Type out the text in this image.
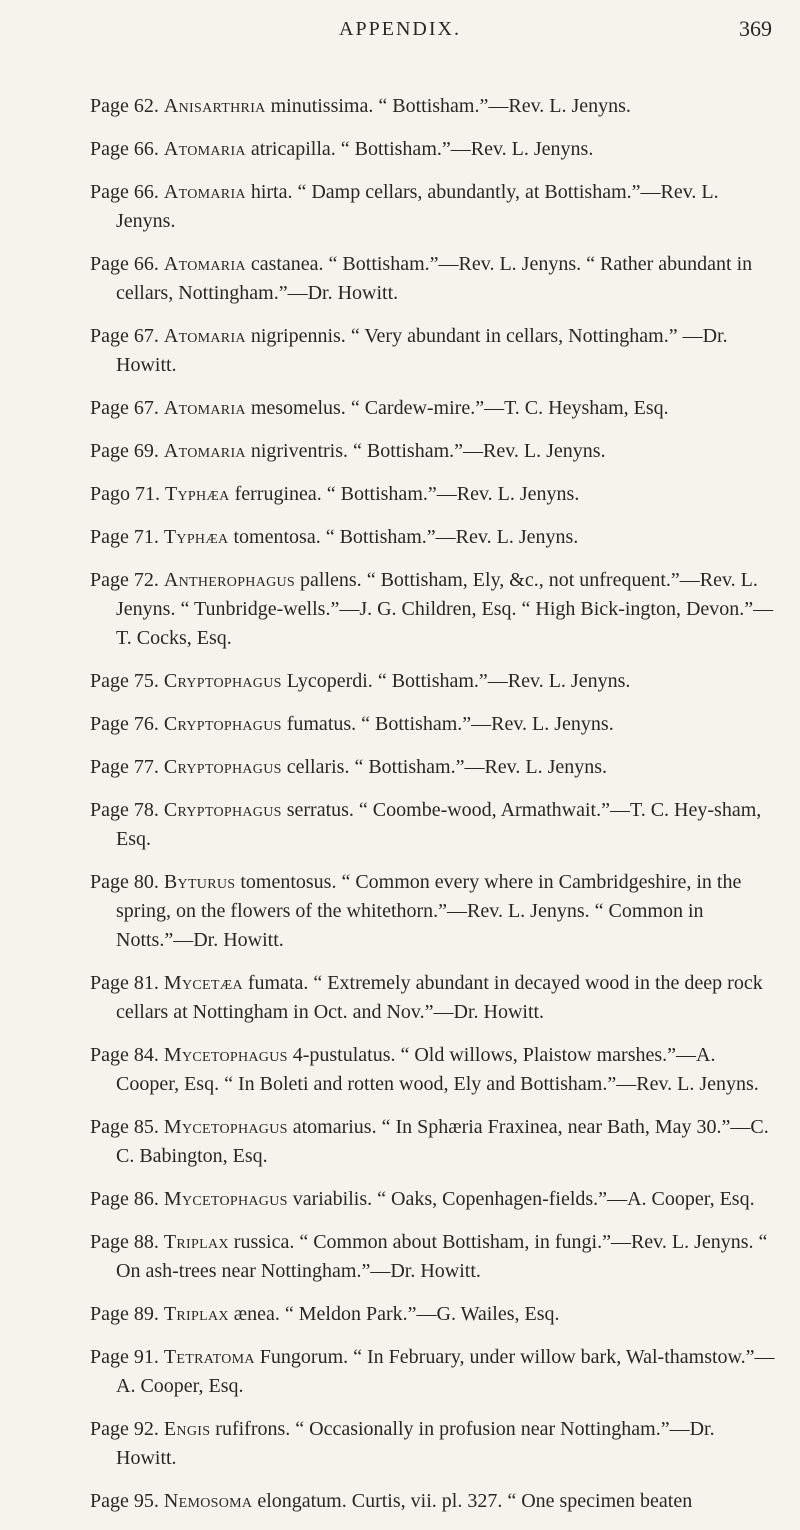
APPENDIX.	369

Page 62. Anisarthria minutissima. “ Bottisham.”—Rev. L. Jenyns.

Page 66. Atomaria atricapilla. “ Bottisham.”—Rev. L. Jenyns.

Page 66. Atomaria hirta. “ Damp cellars, abundantly, at Bottisham.”—Rev. L. Jenyns.

Page 66. Atomaria castanea. “ Bottisham.”—Rev. L. Jenyns. “ Rather abundant in cellars, Nottingham.”—Dr. Howitt.

Page 67. Atomaria nigripennis. “ Very abundant in cellars, Nottingham.” —Dr. Howitt.

Page 67. Atomaria mesomelus. “ Cardew-mire.”—T. C. Heysham, Esq.

Page 69. Atomaria nigriventris. “ Bottisham.”—Rev. L. Jenyns.

Pago 71. Typhæa ferruginea. “ Bottisham.”—Rev. L. Jenyns.

Page 71. Typhæa tomentosa. “ Bottisham.”—Rev. L. Jenyns.

Page 72. Antherophagus pallens. “ Bottisham, Ely, &c., not unfrequent.”—Rev. L. Jenyns. “ Tunbridge-wells.”—J. G. Children, Esq. “ High Bick-ington, Devon.”—T. Cocks, Esq.

Page 75. Cryptophagus Lycoperdi. “ Bottisham.”—Rev. L. Jenyns.

Page 76. Cryptophagus fumatus. “ Bottisham.”—Rev. L. Jenyns.

Page 77. Cryptophagus cellaris. “ Bottisham.”—Rev. L. Jenyns.

Page 78. Cryptophagus serratus. “ Coombe-wood, Armathwait.”—T. C. Hey-sham, Esq.

Page 80. Byturus tomentosus. “ Common every where in Cambridgeshire, in the spring, on the flowers of the whitethorn.”—Rev. L. Jenyns. “ Common in Notts.”—Dr. Howitt.

Page 81. Mycetæa fumata. “ Extremely abundant in decayed wood in the deep rock cellars at Nottingham in Oct. and Nov.”—Dr. Howitt.

Page 84. Mycetophagus 4-pustulatus. “ Old willows, Plaistow marshes.”—A. Cooper, Esq. “ In Boleti and rotten wood, Ely and Bottisham.”—Rev. L. Jenyns.

Page 85. Mycetophagus atomarius. “ In Sphæria Fraxinea, near Bath, May 30.”—C. C. Babington, Esq.

Page 86. Mycetophagus variabilis. “ Oaks, Copenhagen-fields.”—A. Cooper, Esq.

Page 88. Triplax russica. “ Common about Bottisham, in fungi.”—Rev. L. Jenyns. “ On ash-trees near Nottingham.”—Dr. Howitt.

Page 89. Triplax ænea. “ Meldon Park.”—G. Wailes, Esq.

Page 91. Tetratoma Fungorum. “ In February, under willow bark, Wal-thamstow.”—A. Cooper, Esq.

Page 92. Engis rufifrons. “ Occasionally in profusion near Nottingham.”—Dr. Howitt.

Page 95. Nemosoma elongatum. Curtis, vii. pl. 327. “ One specimen beaten
